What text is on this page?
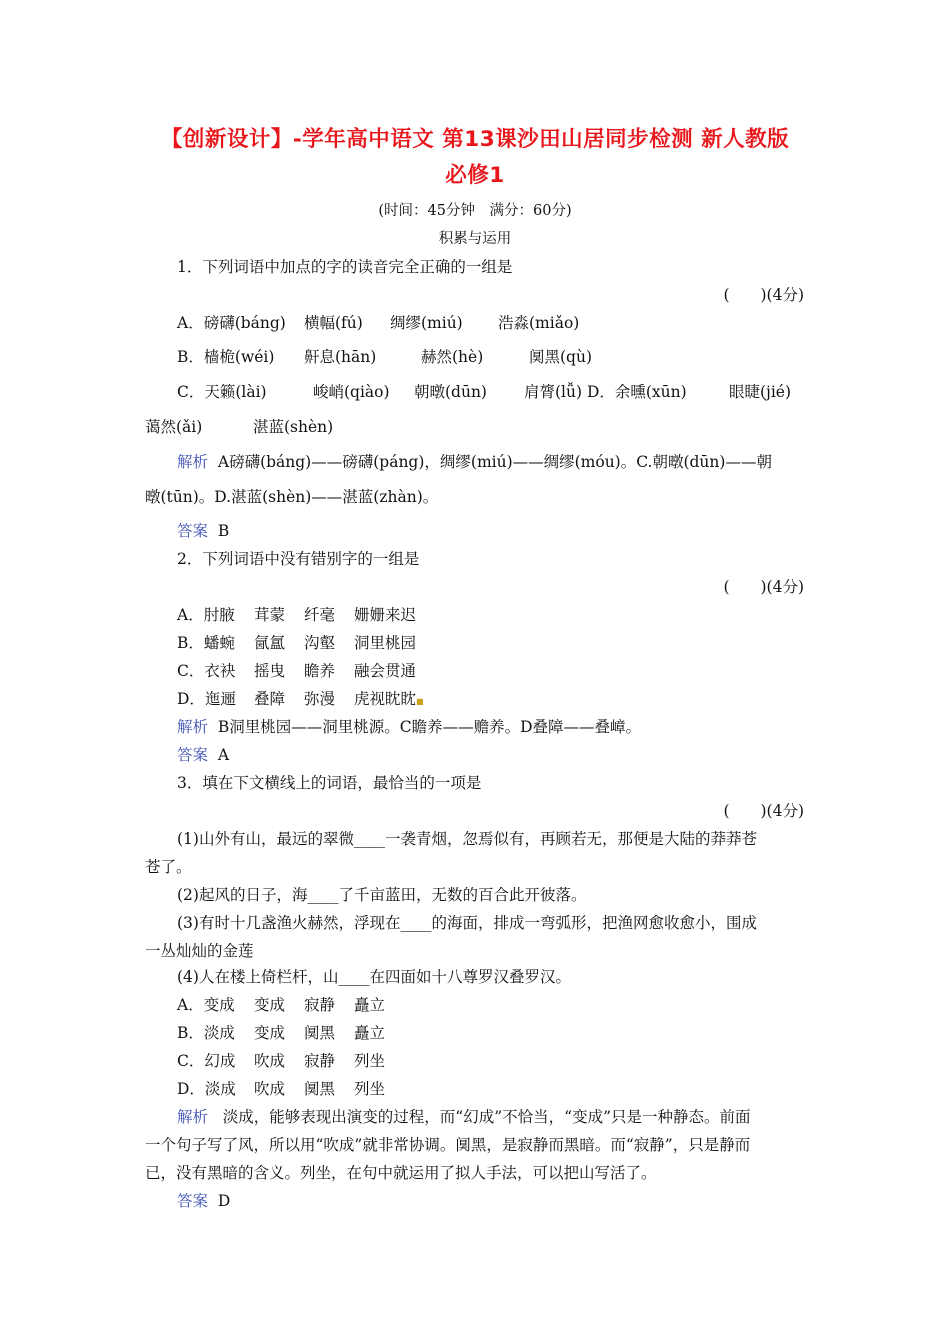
【创新设计】-学年高中语文 第13课沙田山居同步检测 新人教版
必修1
(时间：45分钟　满分：60分)
积累与运用
1．下列词语中加点的字的读音完全正确的一组是
(　　)(4分)
A．磅礴(báng) 横幅(fú) 绸缪(miú) 浩淼(miǎo)
B．樯桅(wéi) 鼾息(hān)	赫然(hè)	阒黑(qù)
C．天籁(lài)	峻峭(qiào) 朝暾(dūn) 肩膂(lǚ) D．余曛(xūn)	眼睫(jié)
蔼然(ǎi)	湛蓝(shèn)
解析 A磅礴(báng)——磅礴(páng)，绸缪(miú)——绸缪(móu)。C.朝暾(dūn)——朝
暾(tūn)。D.湛蓝(shèn)——湛蓝(zhàn)。
答案 B
2．下列词语中没有错别字的一组是
(　　)(4分)
A．肘腋 茸蒙 纤毫 姗姗来迟
B．蟠蜿 氤氲 沟壑 洞里桃园
C．衣袂 摇曳 瞻养 融会贯通
D．迤逦 叠障 弥漫 虎视眈眈■
解析 B洞里桃园——洞里桃源。C瞻养——赡养。D叠障——叠嶂。
答案 A
3．填在下文横线上的词语，最恰当的一项是
(　　)(4分)
(1)山外有山，最远的翠微____一袭青烟，忽焉似有，再顾若无，那便是大陆的莽莽苍
苍了。
(2)起风的日子，海____了千亩蓝田，无数的百合此开彼落。
(3)有时十几盏渔火赫然，浮现在____的海面，排成一弯弧形，把渔网愈收愈小，围成
一丛灿灿的金莲
(4)人在楼上倚栏杆，山____在四面如十八尊罗汉叠罗汉。
A．变成 变成 寂静 矗立
B．淡成 变成 阒黑 矗立
C．幻成 吹成 寂静 列坐
D．淡成 吹成 阒黑 列坐
解析 淡成，能够表现出演变的过程，而“幻成”不恰当，“变成”只是一种静态。前面
一个句子写了风，所以用“吹成”就非常协调。阒黑，是寂静而黑暗。而“寂静”，只是静而
已，没有黑暗的含义。列坐，在句中就运用了拟人手法，可以把山写活了。
答案 D
